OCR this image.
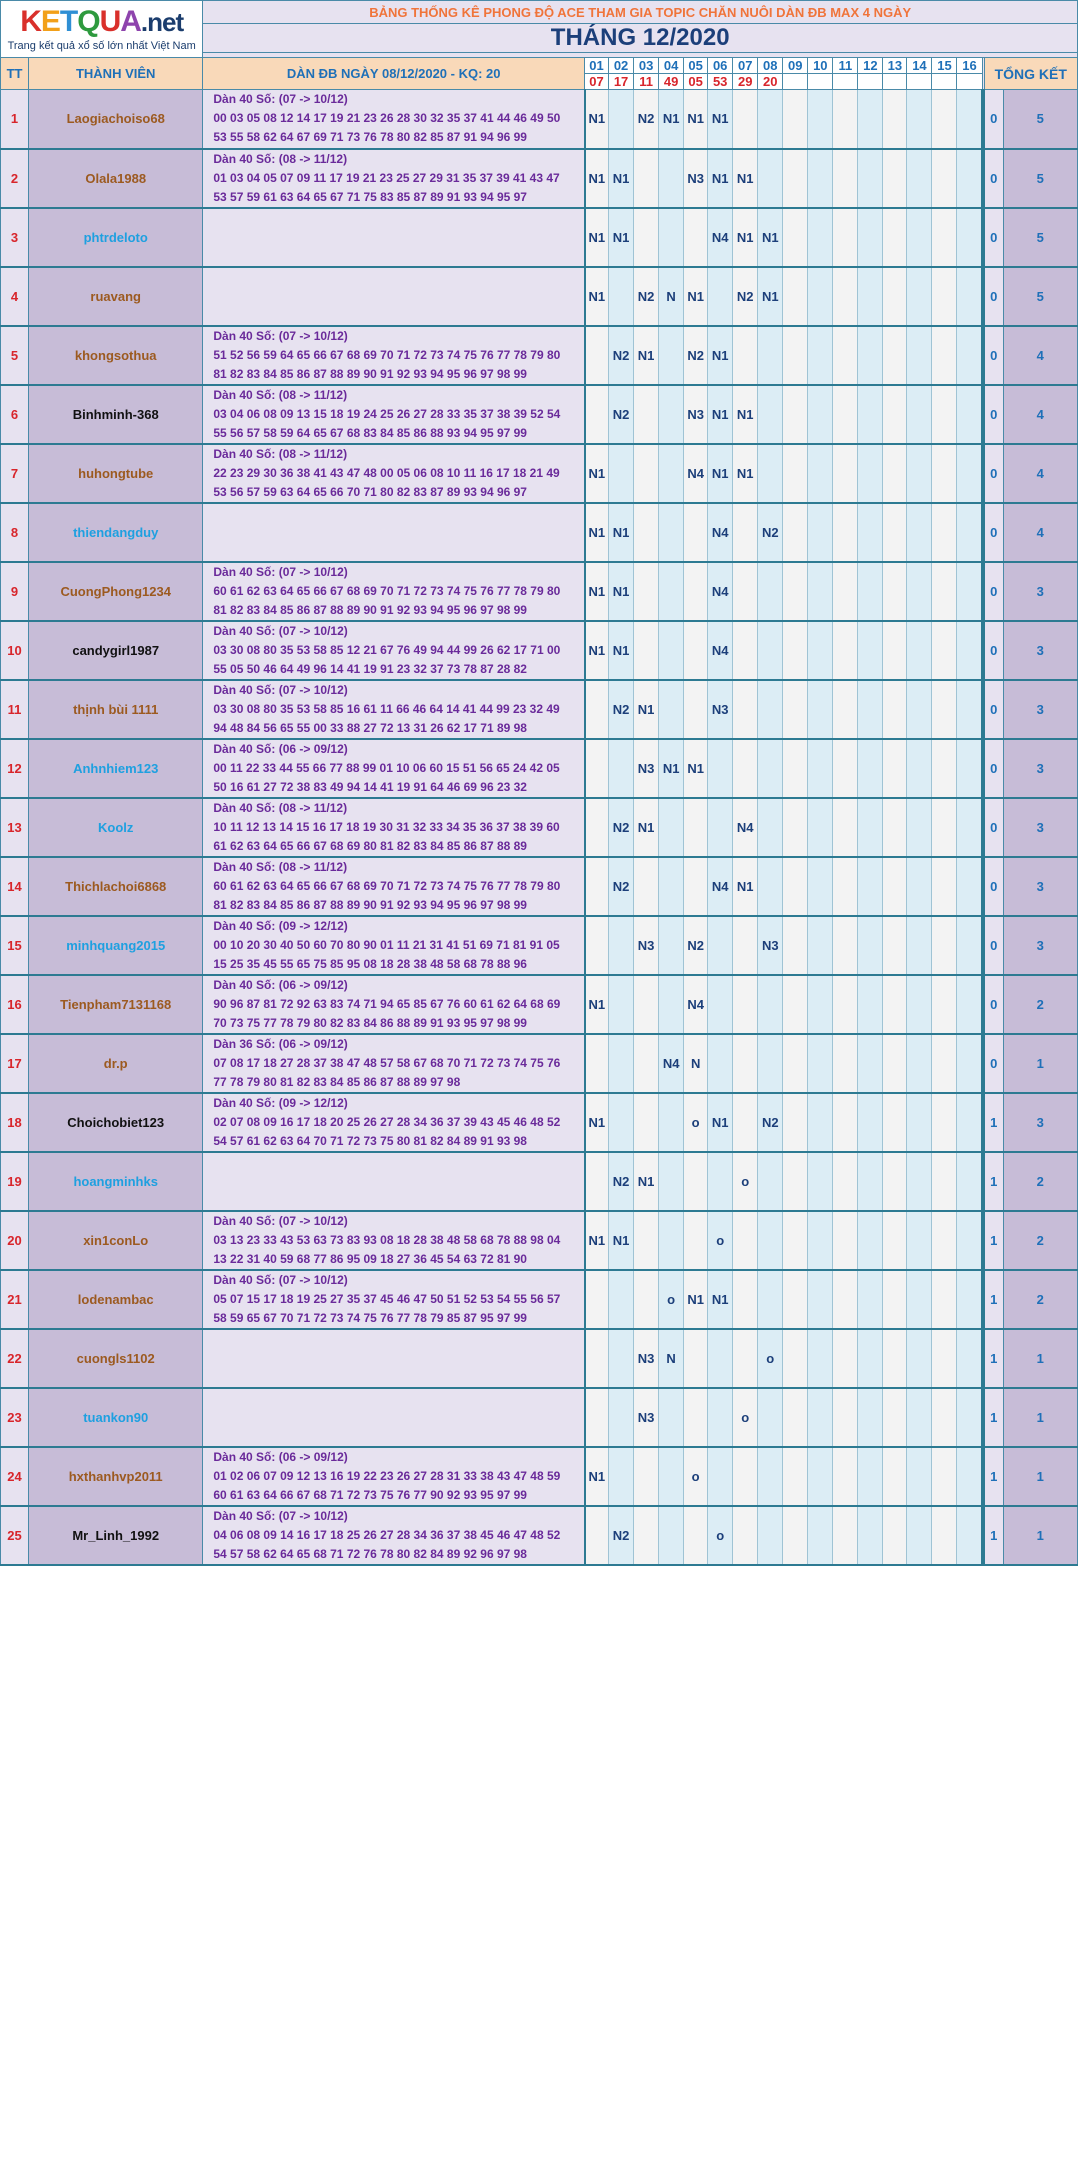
KETQUA.net
Trang kết quả xổ số lớn nhất Việt Nam		BẢNG THỐNG KÊ PHONG ĐỘ ACE THAM GIA TOPIC CHĂN NUÔI DÀN ĐB MAX 4 NGÀY																			
		THÁNG 12/2020																			

TT	THÀNH VIÊN	DÀN ĐB NGÀY 08/12/2020 - KQ: 20	01	02	03	04	05	06	07	08	09	10	11	12	13	14	15	16		TỔNG KẾT	
			07	17	11	49	05	53	29	20											
1	Laogiachoiso68	Dàn 40 Số: (07 -> 10/12)
00 03 05 08 12 14 17 19 21 23 26 28 30 32 35 37 41 44 46 49 50
53 55 58 62 64 67 69 71 73 76 78 80 82 85 87 91 94 96 99	N1		N2	N1	N1	N1												0	5
2	Olala1988	Dàn 40 Số: (08 -> 11/12)
01 03 04 05 07 09 11 17 19 21 23 25 27 29 31 35 37 39 41 43 47
53 57 59 61 63 64 65 67 71 75 83 85 87 89 91 93 94 95 97	N1	N1			N3	N1	N1											0	5
3	phtrdeloto		N1	N1				N4	N1	N1										0	5
4	ruavang		N1		N2	N	N1		N2	N1										0	5
5	khongsothua	Dàn 40 Số: (07 -> 10/12)
51 52 56 59 64 65 66 67 68 69 70 71 72 73 74 75 76 77 78 79 80
81 82 83 84 85 86 87 88 89 90 91 92 93 94 95 96 97 98 99		N2	N1		N2	N1												0	4
6	Binhminh-368	Dàn 40 Số: (08 -> 11/12)
03 04 06 08 09 13 15 18 19 24 25 26 27 28 33 35 37 38 39 52 54
55 56 57 58 59 64 65 67 68 83 84 85 86 88 93 94 95 97 99		N2			N3	N1	N1											0	4
7	huhongtube	Dàn 40 Số: (08 -> 11/12)
22 23 29 30 36 38 41 43 47 48 00 05 06 08 10 11 16 17 18 21 49
53 56 57 59 63 64 65 66 70 71 80 82 83 87 89 93 94 96 97	N1				N4	N1	N1											0	4
8	thiendangduy		N1	N1				N4		N2										0	4
9	CuongPhong1234	Dàn 40 Số: (07 -> 10/12)
60 61 62 63 64 65 66 67 68 69 70 71 72 73 74 75 76 77 78 79 80
81 82 83 84 85 86 87 88 89 90 91 92 93 94 95 96 97 98 99	N1	N1				N4												0	3
10	candygirl1987	Dàn 40 Số: (07 -> 10/12)
03 30 08 80 35 53 58 85 12 21 67 76 49 94 44 99 26 62 17 71 00
55 05 50 46 64 49 96 14 41 19 91 23 32 37 73 78 87 28 82	N1	N1				N4												0	3
11	thịnh bùi 1111	Dàn 40 Số: (07 -> 10/12)
03 30 08 80 35 53 58 85 16 61 11 66 46 64 14 41 44 99 23 32 49
94 48 84 56 65 55 00 33 88 27 72 13 31 26 62 17 71 89 98		N2	N1			N3												0	3
12	Anhnhiem123	Dàn 40 Số: (06 -> 09/12)
00 11 22 33 44 55 66 77 88 99 01 10 06 60 15 51 56 65 24 42 05
50 16 61 27 72 38 83 49 94 14 41 19 91 64 46 69 96 23 32			N3	N1	N1													0	3
13	Koolz	Dàn 40 Số: (08 -> 11/12)
10 11 12 13 14 15 16 17 18 19 30 31 32 33 34 35 36 37 38 39 60
61 62 63 64 65 66 67 68 69 80 81 82 83 84 85 86 87 88 89		N2	N1				N4											0	3
14	Thichlachoi6868	Dàn 40 Số: (08 -> 11/12)
60 61 62 63 64 65 66 67 68 69 70 71 72 73 74 75 76 77 78 79 80
81 82 83 84 85 86 87 88 89 90 91 92 93 94 95 96 97 98 99		N2				N4	N1											0	3
15	minhquang2015	Dàn 40 Số: (09 -> 12/12)
00 10 20 30 40 50 60 70 80 90 01 11 21 31 41 51 69 71 81 91 05
15 25 35 45 55 65 75 85 95 08 18 28 38 48 58 68 78 88 96			N3		N2			N3										0	3
16	Tienpham7131168	Dàn 40 Số: (06 -> 09/12)
90 96 87 81 72 92 63 83 74 71 94 65 85 67 76 60 61 62 64 68 69
70 73 75 77 78 79 80 82 83 84 86 88 89 91 93 95 97 98 99	N1				N4													0	2
17	dr.p	Dàn 36 Số: (06 -> 09/12)
07 08 17 18 27 28 37 38 47 48 57 58 67 68 70 71 72 73 74 75 76
77 78 79 80 81 82 83 84 85 86 87 88 89 97 98				N4	N													0	1
18	Choichobiet123	Dàn 40 Số: (09 -> 12/12)
02 07 08 09 16 17 18 20 25 26 27 28 34 36 37 39 43 45 46 48 52
54 57 61 62 63 64 70 71 72 73 75 80 81 82 84 89 91 93 98	N1				o	N1		N2										1	3
19	hoangminhks			N2	N1				o											1	2
20	xin1conLo	Dàn 40 Số: (07 -> 10/12)
03 13 23 33 43 53 63 73 83 93 08 18 28 38 48 58 68 78 88 98 04
13 22 31 40 59 68 77 86 95 09 18 27 36 45 54 63 72 81 90	N1	N1				o												1	2
21	lodenambac	Dàn 40 Số: (07 -> 10/12)
05 07 15 17 18 19 25 27 35 37 45 46 47 50 51 52 53 54 55 56 57
58 59 65 67 70 71 72 73 74 75 76 77 78 79 85 87 95 97 99				o	N1	N1												1	2
22	cuongls1102				N3	N				o										1	1
23	tuankon90				N3				o											1	1
24	hxthanhvp2011	Dàn 40 Số: (06 -> 09/12)
01 02 06 07 09 12 13 16 19 22 23 26 27 28 31 33 38 43 47 48 59
60 61 63 64 66 67 68 71 72 73 75 76 77 90 92 93 95 97 99	N1				o													1	1
25	Mr_Linh_1992	Dàn 40 Số: (07 -> 10/12)
04 06 08 09 14 16 17 18 25 26 27 28 34 36 37 38 45 46 47 48 52
54 57 58 62 64 65 68 71 72 76 78 80 82 84 89 92 96 97 98		N2				o												1	1
